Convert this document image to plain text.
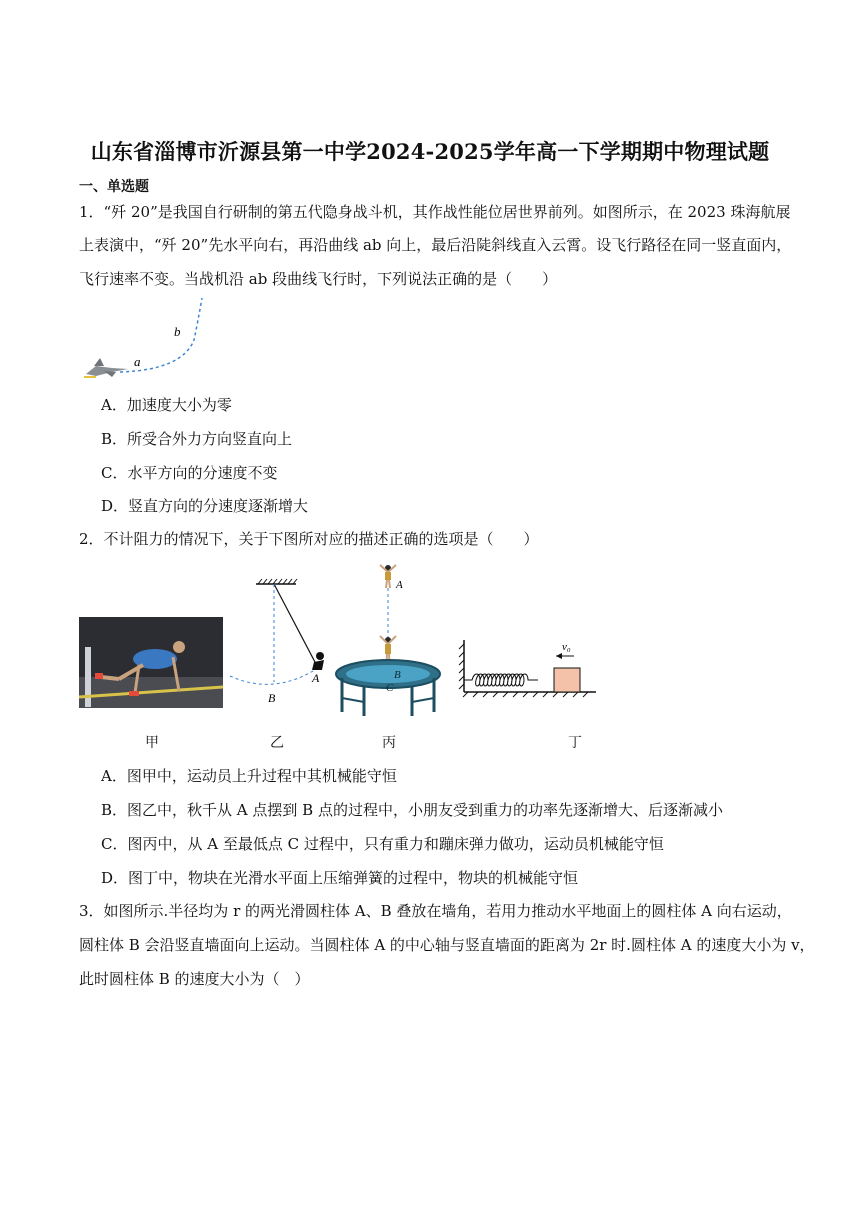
山东省淄博市沂源县第一中学2024-2025学年高一下学期期中物理试题
一、单选题
1．“歼 20”是我国自行研制的第五代隐身战斗机，其作战性能位居世界前列。如图所示，在 2023 珠海航展
上表演中，“歼 20”先水平向右，再沿曲线 ab 向上，最后沿陡斜线直入云霄。设飞行路径在同一竖直面内，
飞行速率不变。当战机沿 ab 段曲线飞行时，下列说法正确的是（　　）
a
b
A．加速度大小为零
B．所受合外力方向竖直向上
C．水平方向的分速度不变
D．竖直方向的分速度逐渐增大
2．不计阻力的情况下，关于下图所对应的描述正确的选项是（　　）
A
B
A
B
C
v₀
甲	乙	丙	丁
A．图甲中，运动员上升过程中其机械能守恒
B．图乙中，秋千从 A 点摆到 B 点的过程中，小朋友受到重力的功率先逐渐增大、后逐渐减小
C．图丙中，从 A 至最低点 C 过程中，只有重力和蹦床弹力做功，运动员机械能守恒
D．图丁中，物块在光滑水平面上压缩弹簧的过程中，物块的机械能守恒
3．如图所示.半径均为 r 的两光滑圆柱体 A、B 叠放在墙角，若用力推动水平地面上的圆柱体 A 向右运动，
圆柱体 B 会沿竖直墙面向上运动。当圆柱体 A 的中心轴与竖直墙面的距离为 2r 时.圆柱体 A 的速度大小为 v，
此时圆柱体 B 的速度大小为（　）
